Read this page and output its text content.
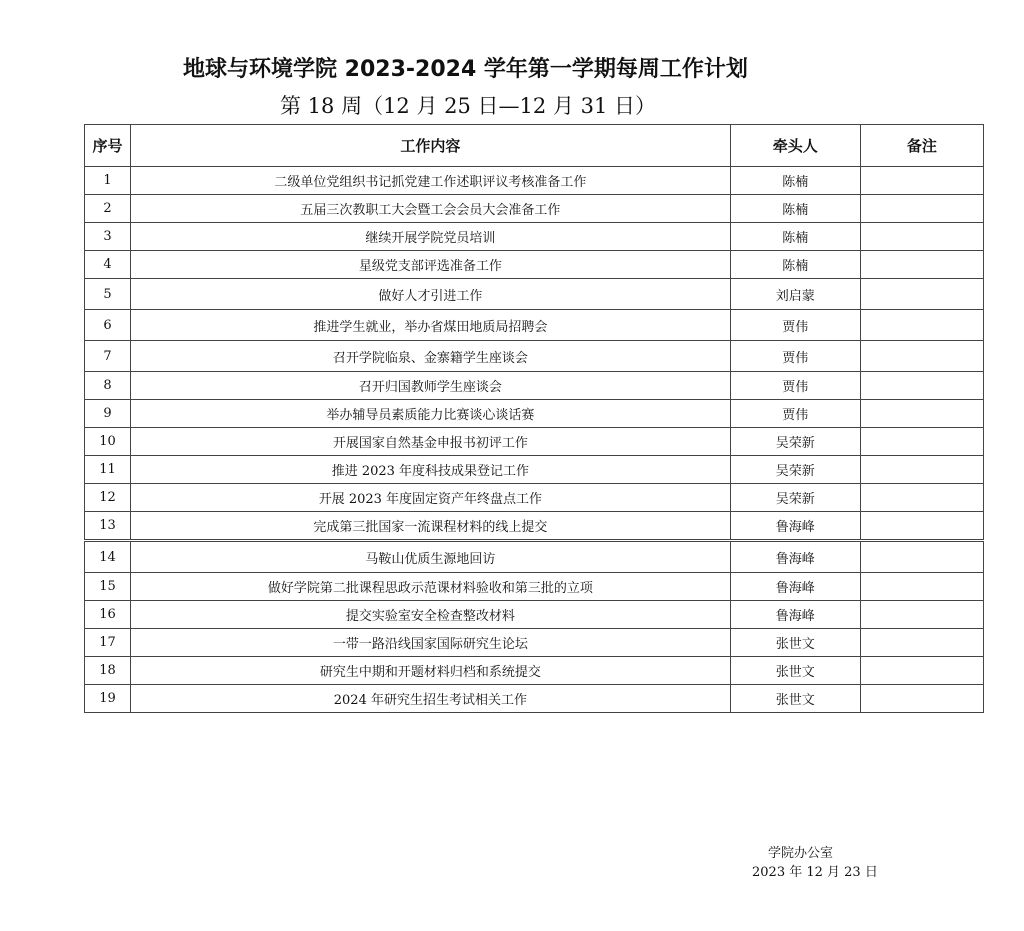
地球与环境学院 2023-2024 学年第一学期每周工作计划
第 18 周（12 月 25 日—12 月 31 日）
序号	工作内容	牵头人	备注
1	二级单位党组织书记抓党建工作述职评议考核准备工作	陈楠	
2	五届三次教职工大会暨工会会员大会准备工作	陈楠	
3	继续开展学院党员培训	陈楠	
4	星级党支部评选准备工作	陈楠	
5	做好人才引进工作	刘启蒙	
6	推进学生就业，举办省煤田地质局招聘会	贾伟	
7	召开学院临泉、金寨籍学生座谈会	贾伟	
8	召开归国教师学生座谈会	贾伟	
9	举办辅导员素质能力比赛谈心谈话赛	贾伟	
10	开展国家自然基金申报书初评工作	吴荣新	
11	推进 2023 年度科技成果登记工作	吴荣新	
12	开展 2023 年度固定资产年终盘点工作	吴荣新	
13	完成第三批国家一流课程材料的线上提交	鲁海峰	
14	马鞍山优质生源地回访	鲁海峰	
15	做好学院第二批课程思政示范课材料验收和第三批的立项	鲁海峰	
16	提交实验室安全检查整改材料	鲁海峰	
17	一带一路沿线国家国际研究生论坛	张世文	
18	研究生中期和开题材料归档和系统提交	张世文	
19	2024 年研究生招生考试相关工作	张世文	
学院办公室
2023 年 12 月 23 日
